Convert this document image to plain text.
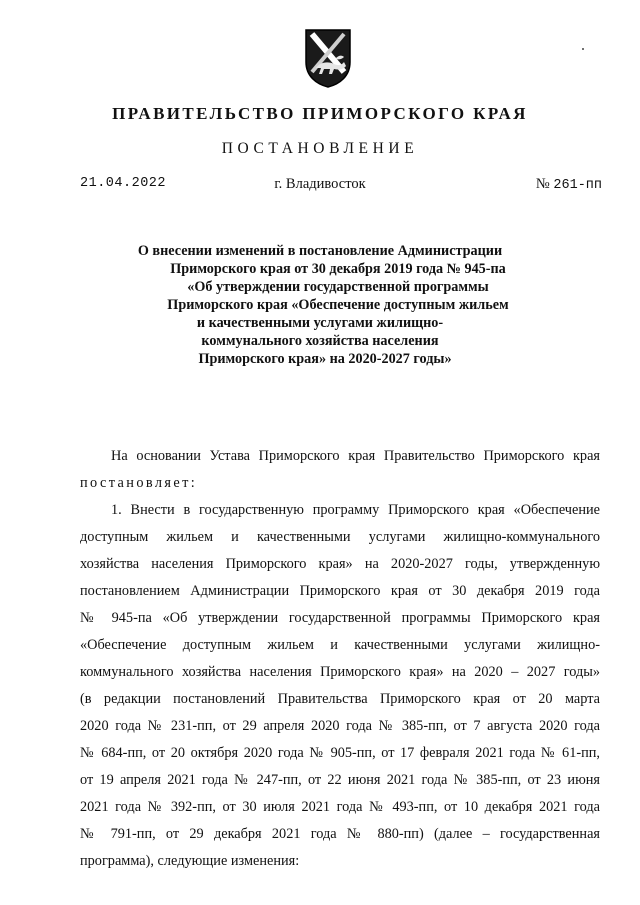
ПРАВИТЕЛЬСТВО ПРИМОРСКОГО КРАЯ
ПОСТАНОВЛЕНИЕ
21.04.2022	г. Владивосток	№ 261-пп
О внесении изменений в постановление Администрации
Приморского края от 30 декабря 2019 года № 945-па
«Об утверждении государственной программы
Приморского края «Обеспечение доступным жильем
и качественными услугами жилищно-
коммунального хозяйства населения
Приморского края» на 2020-2027 годы»
На основании Устава Приморского края Правительство Приморского края
постановляет:
1. Внести в государственную программу Приморского края «Обеспечение
доступным жильем и качественными услугами жилищно-коммунального
хозяйства населения Приморского края» на 2020-2027 годы, утвержденную
постановлением Администрации Приморского края от 30 декабря 2019 года
№ 945-па «Об утверждении государственной программы Приморского края
«Обеспечение доступным жильем и качественными услугами жилищно-
коммунального хозяйства населения Приморского края» на 2020 – 2027 годы»
(в редакции постановлений Правительства Приморского края от 20 марта
2020 года № 231-пп, от 29 апреля 2020 года № 385-пп, от 7 августа 2020 года
№ 684-пп, от 20 октября 2020 года № 905-пп, от 17 февраля 2021 года № 61-пп,
от 19 апреля 2021 года № 247-пп, от 22 июня 2021 года № 385-пп, от 23 июня
2021 года № 392-пп, от 30 июля 2021 года № 493-пп, от 10 декабря 2021 года
№ 791-пп, от 29 декабря 2021 года № 880-пп) (далее – государственная
программа), следующие изменения:
